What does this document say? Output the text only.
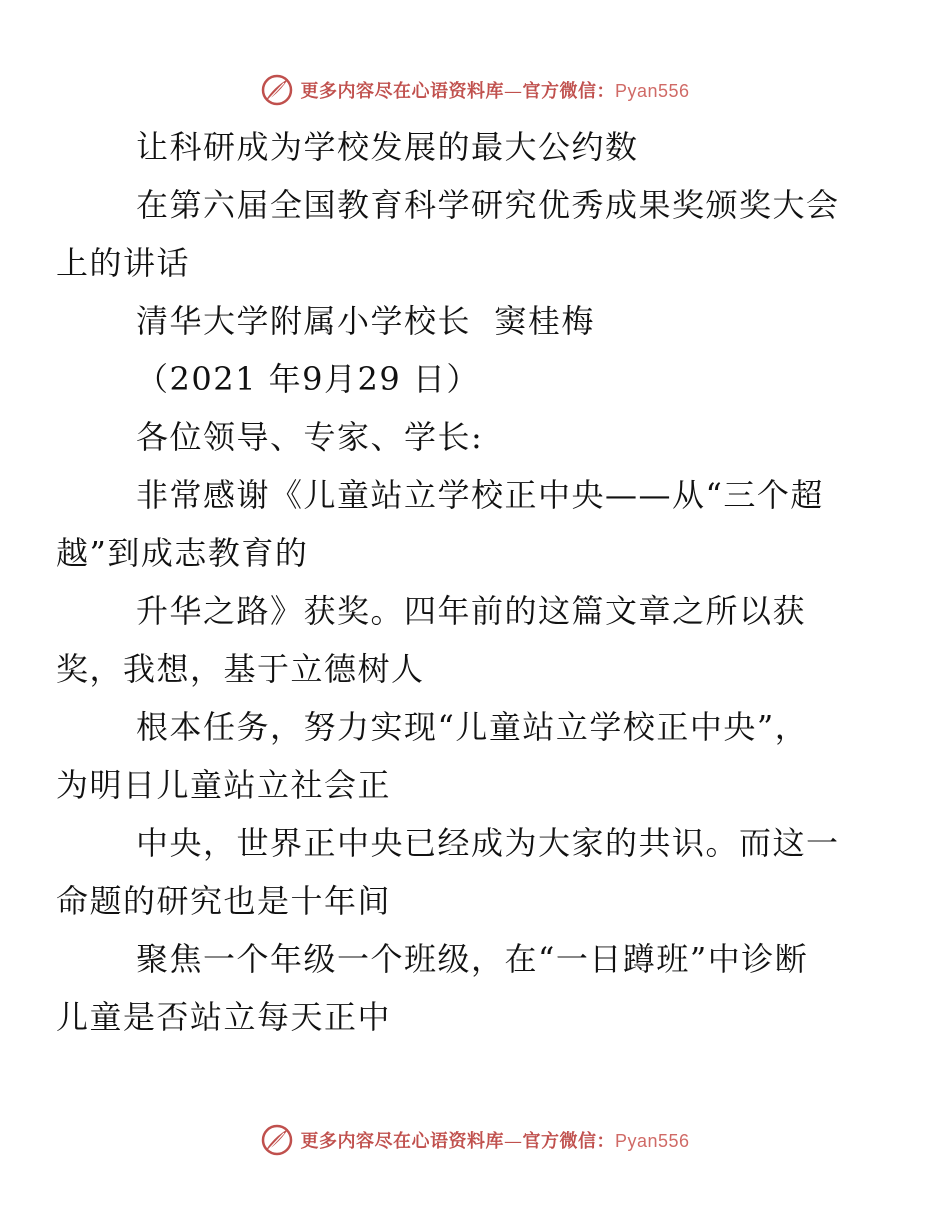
更多内容尽在心语资料库—官方微信：Pyan556

让科研成为学校发展的最大公约数

在第六届全国教育科学研究优秀成果奖颁奖大会
上的讲话

清华大学附属小学校长  窦桂梅

（2021 年9月29 日）

各位领导、专家、学长:

非常感谢《儿童站立学校正中央——从“三个超
越”到成志教育的
升华之路》获奖。四年前的这篇文章之所以获
奖，我想，基于立德树人
根本任务，努力实现“儿童站立学校正中央”，
为明日儿童站立社会正
中央，世界正中央已经成为大家的共识。而这一
命题的研究也是十年间
聚焦一个年级一个班级，在“一日蹲班”中诊断
儿童是否站立每天正中

更多内容尽在心语资料库—官方微信：Pyan556
